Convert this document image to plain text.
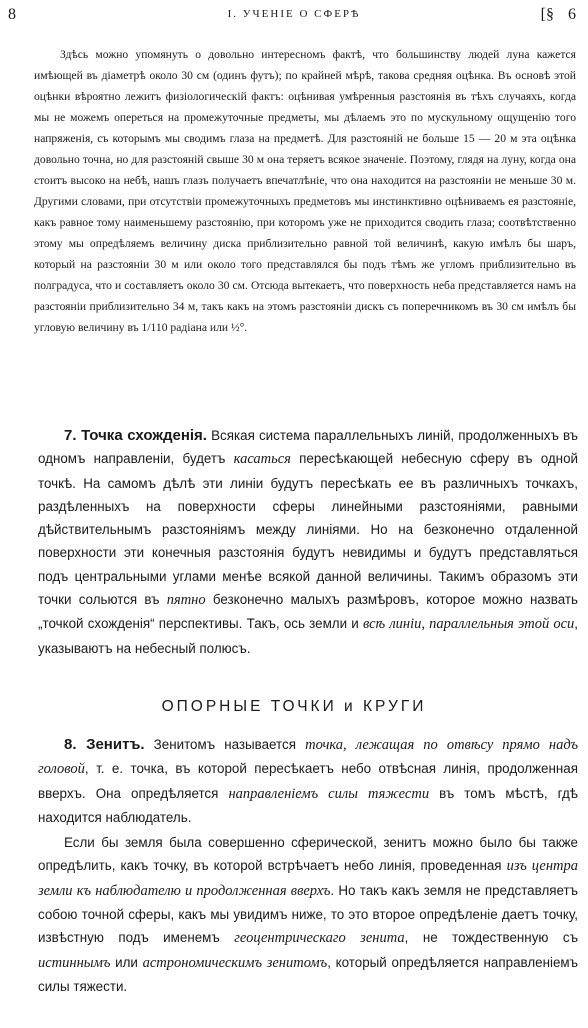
8	I. УЧЕНІЕ О СФЕРѢ	[§ 6

Здѣсь можно упомянуть о довольно интересномъ фактѣ, что большинству людей луна кажется имѣющей въ діаметрѣ около 30 см (одинъ футъ); по крайней мѣрѣ, такова средняя оцѣнка. Въ основѣ этой оцѣнки вѣроятно лежитъ физіологическій фактъ: оцѣнивая умѣренныя разстоянія въ тѣхъ случаяхъ, когда мы не можемъ опереться на промежуточные предметы, мы дѣлаемъ это по мускульному ощущенію того напряженія, съ которымъ мы сводимъ глаза на предметѣ. Для разстояній не больше 15 — 20 м эта оцѣнка довольно точна, но для разстояній свыше 30 м она теряетъ всякое значеніе. Поэтому, глядя на луну, когда она стоитъ высоко на небѣ, нашъ глазъ получаетъ впечатлѣніе, что она находится на разстояніи не меньше 30 м. Другими словами, при отсутствіи промежуточныхъ предметовъ мы инстинктивно оцѣниваемъ ея разстояніе, какъ равное тому наименьшему разстоянію, при которомъ уже не приходится сводить глаза; соотвѣтственно этому мы опредѣляемъ величину диска приблизительно равной той величинѣ, какую имѣлъ бы шаръ, который на разстояніи 30 м или около того представлялся бы подъ тѣмъ же угломъ приблизительно въ полградуса, что и составляетъ около 30 см. Отсюда вытекаетъ, что поверхность неба представляется намъ на разстояніи приблизительно 34 м, такъ какъ на этомъ разстояніи дискъ съ поперечникомъ въ 30 см имѣлъ бы угловую величину въ 1/110 радіана или ½°.

7. Точка схожденія. Всякая система параллельныхъ линій, продолженныхъ въ одномъ направленіи, будетъ касаться пересѣкающей небесную сферу въ одной точкѣ. На самомъ дѣлѣ эти линіи будутъ пересѣкать ее въ различныхъ точкахъ, раздѣленныхъ на поверхности сферы линейными разстояніями, равными дѣйствительнымъ разстояніямъ между линіями. Но на безконечно отдаленной поверхности эти конечныя разстоянія будутъ невидимы и будутъ представляться подъ центральными углами менѣе всякой данной величины. Такимъ образомъ эти точки сольются въ пятно безконечно малыхъ размѣровъ, которое можно назвать „точкой схожденія“ перспективы. Такъ, ось земли и всѣ линіи, параллельныя этой оси, указываютъ на небесный полюсъ.

ОПОРНЫЕ ТОЧКИ и КРУГИ

8. Зенитъ. Зенитомъ называется точка, лежащая по отвѣсу прямо надъ головой, т. е. точка, въ которой пересѣкаетъ небо отвѣсная линія, продолженная вверхъ. Она опредѣляется направленіемъ силы тяжести въ томъ мѣстѣ, гдѣ находится наблюдатель.

Если бы земля была совершенно сферической, зенитъ можно было бы также опредѣлить, какъ точку, въ которой встрѣчаетъ небо линія, проведенная изъ центра земли къ наблюдателю и продолженная вверхъ. Но такъ какъ земля не представляетъ собою точной сферы, какъ мы увидимъ ниже, то это второе опредѣленіе даетъ точку, извѣстную подъ именемъ геоцентрическаго зенита, не тождественную съ истиннымъ или астрономическимъ зенитомъ, который опредѣляется направленіемъ силы тяжести.
